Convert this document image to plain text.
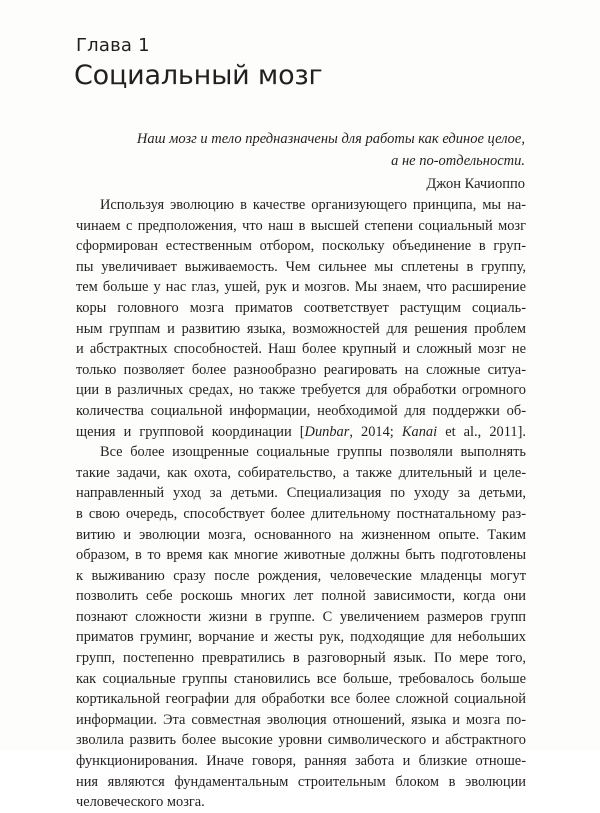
Глава 1
Социальный мозг
Наш мозг и тело предназначены для работы как единое целое,
а не по-отдельности.
Джон Качиоппо
Используя эволюцию в качестве организующего принципа, мы на-
чинаем с предположения, что наш в высшей степени социальный мозг
сформирован естественным отбором, поскольку объединение в груп-
пы увеличивает выживаемость. Чем сильнее мы сплетены в группу,
тем больше у нас глаз, ушей, рук и мозгов. Мы знаем, что расширение
коры головного мозга приматов соответствует растущим социаль-
ным группам и развитию языка, возможностей для решения проблем
и абстрактных способностей. Наш более крупный и сложный мозг не
только позволяет более разнообразно реагировать на сложные ситуа-
ции в различных средах, но также требуется для обработки огромного
количества социальной информации, необходимой для поддержки об-
щения и групповой координации [Dunbar, 2014; Kanai et al., 2011].
Все более изощренные социальные группы позволяли выполнять
такие задачи, как охота, собирательство, а также длительный и целе-
направленный уход за детьми. Специализация по уходу за детьми,
в свою очередь, способствует более длительному постнатальному раз-
витию и эволюции мозга, основанного на жизненном опыте. Таким
образом, в то время как многие животные должны быть подготовлены
к выживанию сразу после рождения, человеческие младенцы могут
позволить себе роскошь многих лет полной зависимости, когда они
познают сложности жизни в группе. С увеличением размеров групп
приматов груминг, ворчание и жесты рук, подходящие для небольших
групп, постепенно превратились в разговорный язык. По мере того,
как социальные группы становились все больше, требовалось больше
кортикальной географии для обработки все более сложной социальной
информации. Эта совместная эволюция отношений, языка и мозга по-
зволила развить более высокие уровни символического и абстрактного
функционирования. Иначе говоря, ранняя забота и близкие отноше-
ния являются фундаментальным строительным блоком в эволюции
человеческого мозга.
